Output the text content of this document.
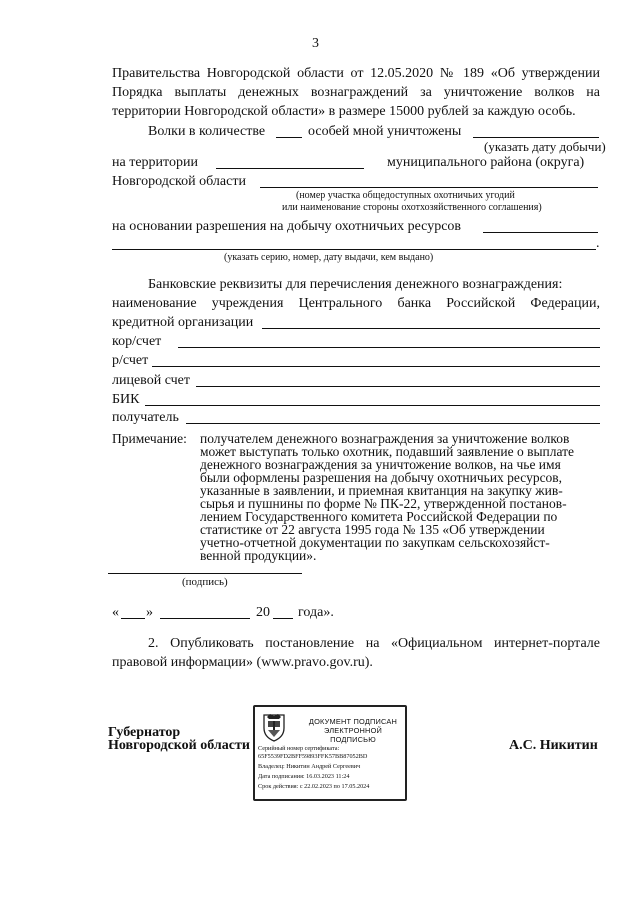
3
Правительства Новгородской области от 12.05.2020 № 189 «Об утверждении
Порядка выплаты денежных вознаграждений за уничтожение волков на
территории Новгородской области» в размере 15000 рублей за каждую особь.
Волки в количестве	особей мной уничтожены
(указать дату добычи)
на территории	муниципального района (округа)
Новгородской области
(номер участка общедоступных охотничьих угодий
или наименование стороны охотхозяйственного соглашения)
на основании разрешения на добычу охотничьих ресурсов
.
(указать серию, номер, дату выдачи, кем выдано)
Банковские реквизиты для перечисления денежного вознаграждения:
наименование учреждения Центрального банка Российской Федерации,
кредитной организации
кор/счет
р/счет
лицевой счет
БИК
получатель
Примечание: получателем денежного вознаграждения за уничтожение волков
может выступать только охотник, подавший заявление о выплате
денежного вознаграждения за уничтожение волков, на чье имя
были оформлены разрешения на добычу охотничьих ресурсов,
указанные в заявлении, и приемная квитанция на закупку жив-
сырья и пушнины по форме № ПК-22, утвержденной постанов-
лением Государственного комитета Российской Федерации по
статистике от 22 августа 1995 года № 135 «Об утверждении
учетно-отчетной документации по закупкам сельскохозяйст-
венной продукции».
(подпись)
« »	20 года».
2. Опубликовать постановление на «Официальном интернет-портале
правовой информации» (www.pravo.gov.ru).
Губернатор
Новгородской области	А.С. Никитин
ДОКУМЕНТ ПОДПИСАН
ЭЛЕКТРОННОЙ ПОДПИСЬЮ
Серийный номер сертификата:
65F5539FD2BFF59893FFK57BB87052BD
Владелец: Никитин Андрей Сергеевич
Дата подписания: 16.03.2023 11:24
Срок действия: с 22.02.2023 по 17.05.2024
